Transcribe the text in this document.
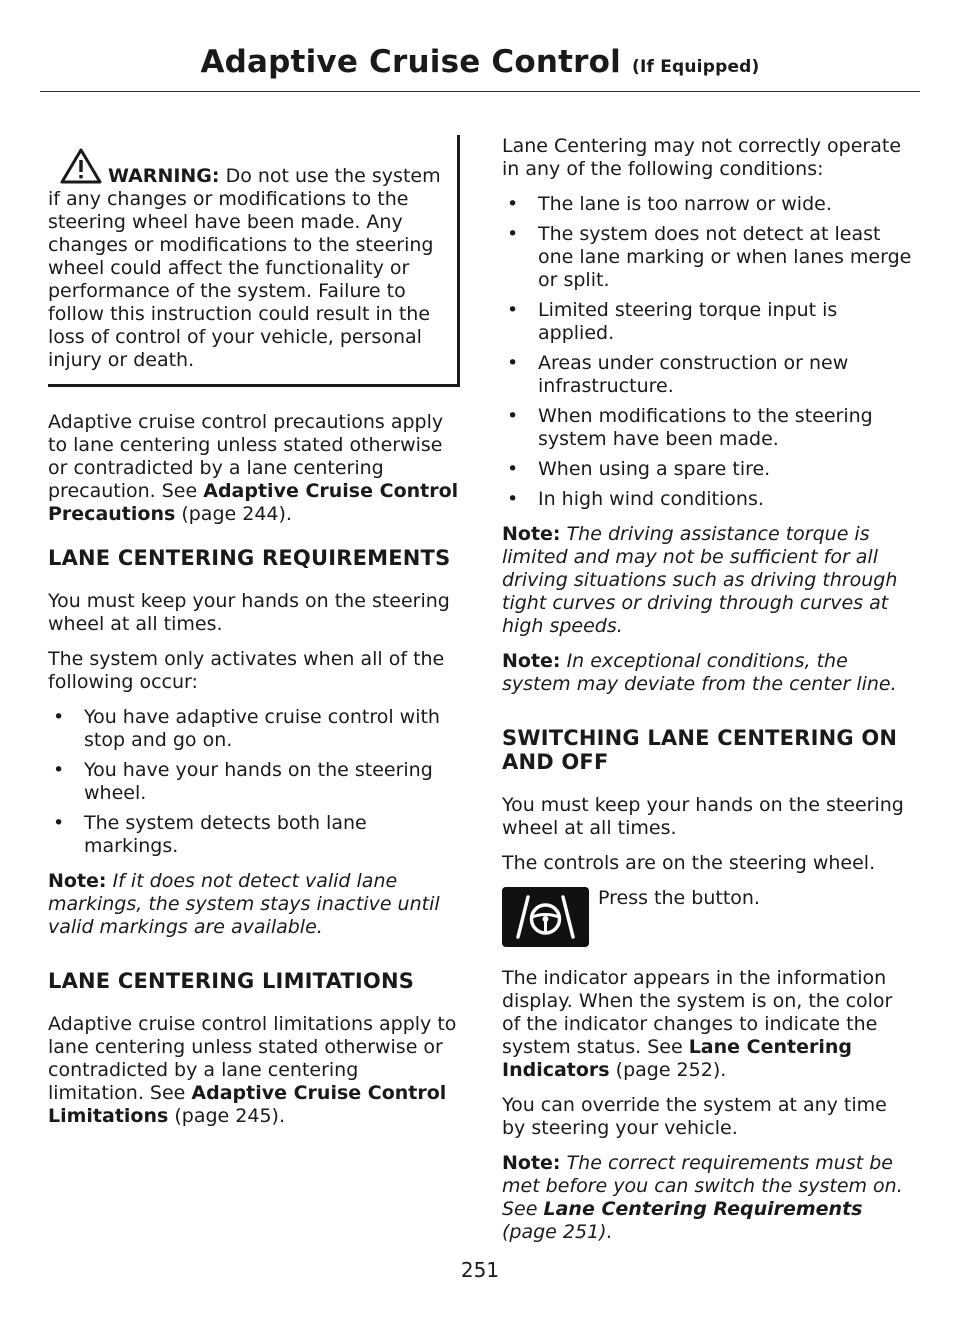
Adaptive Cruise Control (If Equipped)

WARNING: Do not use the system if any changes or modifications to the steering wheel have been made. Any changes or modifications to the steering wheel could affect the functionality or performance of the system. Failure to follow this instruction could result in the loss of control of your vehicle, personal injury or death.

Adaptive cruise control precautions apply to lane centering unless stated otherwise or contradicted by a lane centering precaution. See Adaptive Cruise Control Precautions (page 244).

LANE CENTERING REQUIREMENTS

You must keep your hands on the steering wheel at all times.

The system only activates when all of the following occur:

• You have adaptive cruise control with stop and go on.
• You have your hands on the steering wheel.
• The system detects both lane markings.

Note: If it does not detect valid lane markings, the system stays inactive until valid markings are available.

LANE CENTERING LIMITATIONS

Adaptive cruise control limitations apply to lane centering unless stated otherwise or contradicted by a lane centering limitation. See Adaptive Cruise Control Limitations (page 245).

Lane Centering may not correctly operate in any of the following conditions:

• The lane is too narrow or wide.
• The system does not detect at least one lane marking or when lanes merge or split.
• Limited steering torque input is applied.
• Areas under construction or new infrastructure.
• When modifications to the steering system have been made.
• When using a spare tire.
• In high wind conditions.

Note: The driving assistance torque is limited and may not be sufficient for all driving situations such as driving through tight curves or driving through curves at high speeds.

Note: In exceptional conditions, the system may deviate from the center line.

SWITCHING LANE CENTERING ON AND OFF

You must keep your hands on the steering wheel at all times.

The controls are on the steering wheel.

Press the button.

The indicator appears in the information display. When the system is on, the color of the indicator changes to indicate the system status. See Lane Centering Indicators (page 252).

You can override the system at any time by steering your vehicle.

Note: The correct requirements must be met before you can switch the system on. See Lane Centering Requirements (page 251).

251
